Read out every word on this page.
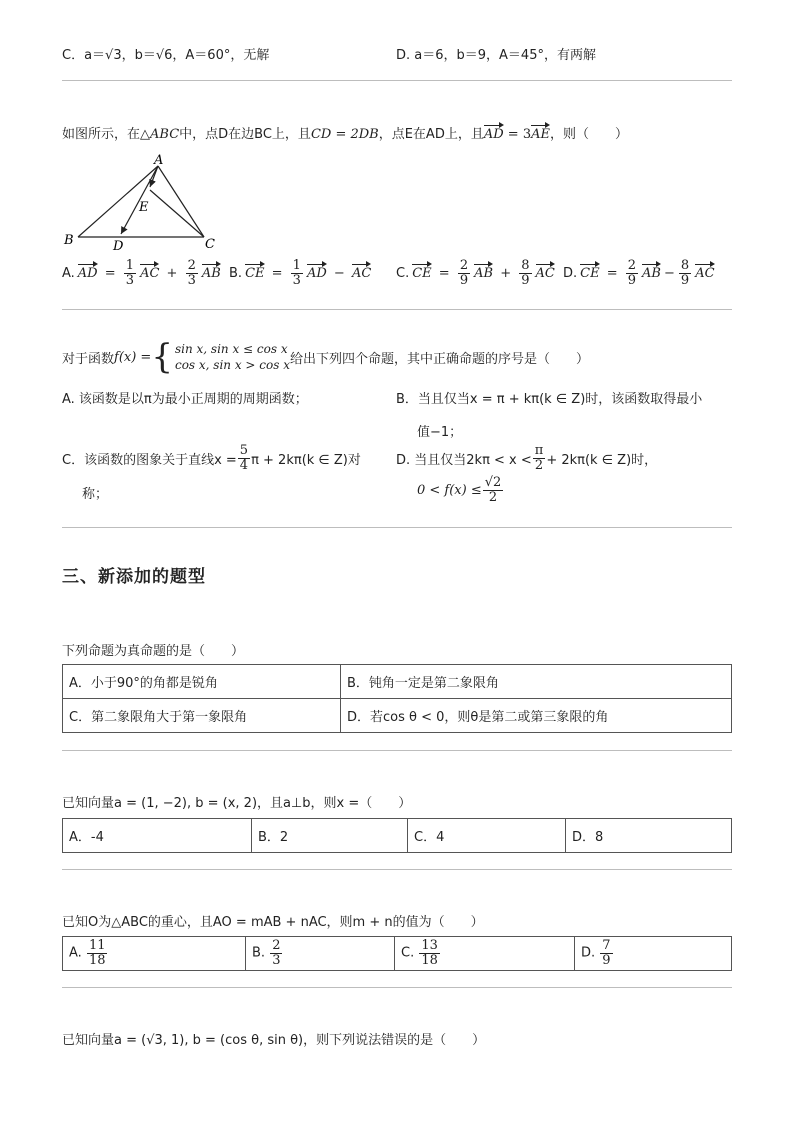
C．a＝√3，b＝√6，A＝60°，无解	D. a＝6，b＝9，A＝45°，有两解
如图所示，在△ABC中，点D在边BC上，且CD = 2DB，点E在AD上，且AD = 3AE，则（　　）
A
B	C
D
E
A. AD = $\frac{1}{3}$ AC + $\frac{2}{3}$ AB B. CE = $\frac{1}{3}$ AD − AC C. CE = $\frac{2}{9}$ AB + $\frac{8}{9}$ AC D. CE = $\frac{2}{9}$ AB − $\frac{8}{9}$ AC
对于函数 f(x) = { sin x, sin x ≤ cos x
cos x, sin x > cos x 给出下列四个命题，其中正确命题的序号是（　　）
A. 该函数是以π为最小正周期的周期函数；	B．当且仅当x = π + kπ(k ∈ Z)时，该函数取得最小
值−1；
C．该函数的图象关于直线$x = \frac{5}{4}$ π + 2kπ(k ∈ Z)对
称；
D. 当且仅当$2k\pi < x < \frac{\pi}{2} + 2k\pi(k$ ∈ Z)时，
$0 < f(x) \le \frac{√2}{2}$
三、新添加的题型
下列命题为真命题的是（　　）
A．小于90°的角都是锐角	B．钝角一定是第二象限角
C．第二象限角大于第一象限角	D．若cos θ < 0，则θ是第二或第三象限的角
已知向量a = (1, −2), b = (x, 2)，且a⊥b，则x =（　　）
A．-4	B．2	C．4	D．8
已知O为△ABC的重心，且AO = mAB + nAC，则m + n的值为（　　）
A. $\frac{11}{18}$	B. $\frac{2}{3}$	C. $\frac{13}{18}$	D. $\frac{7}{9}$
已知向量a = (√3, 1), b = (cos θ, sin θ)，则下列说法错误的是（　　）
